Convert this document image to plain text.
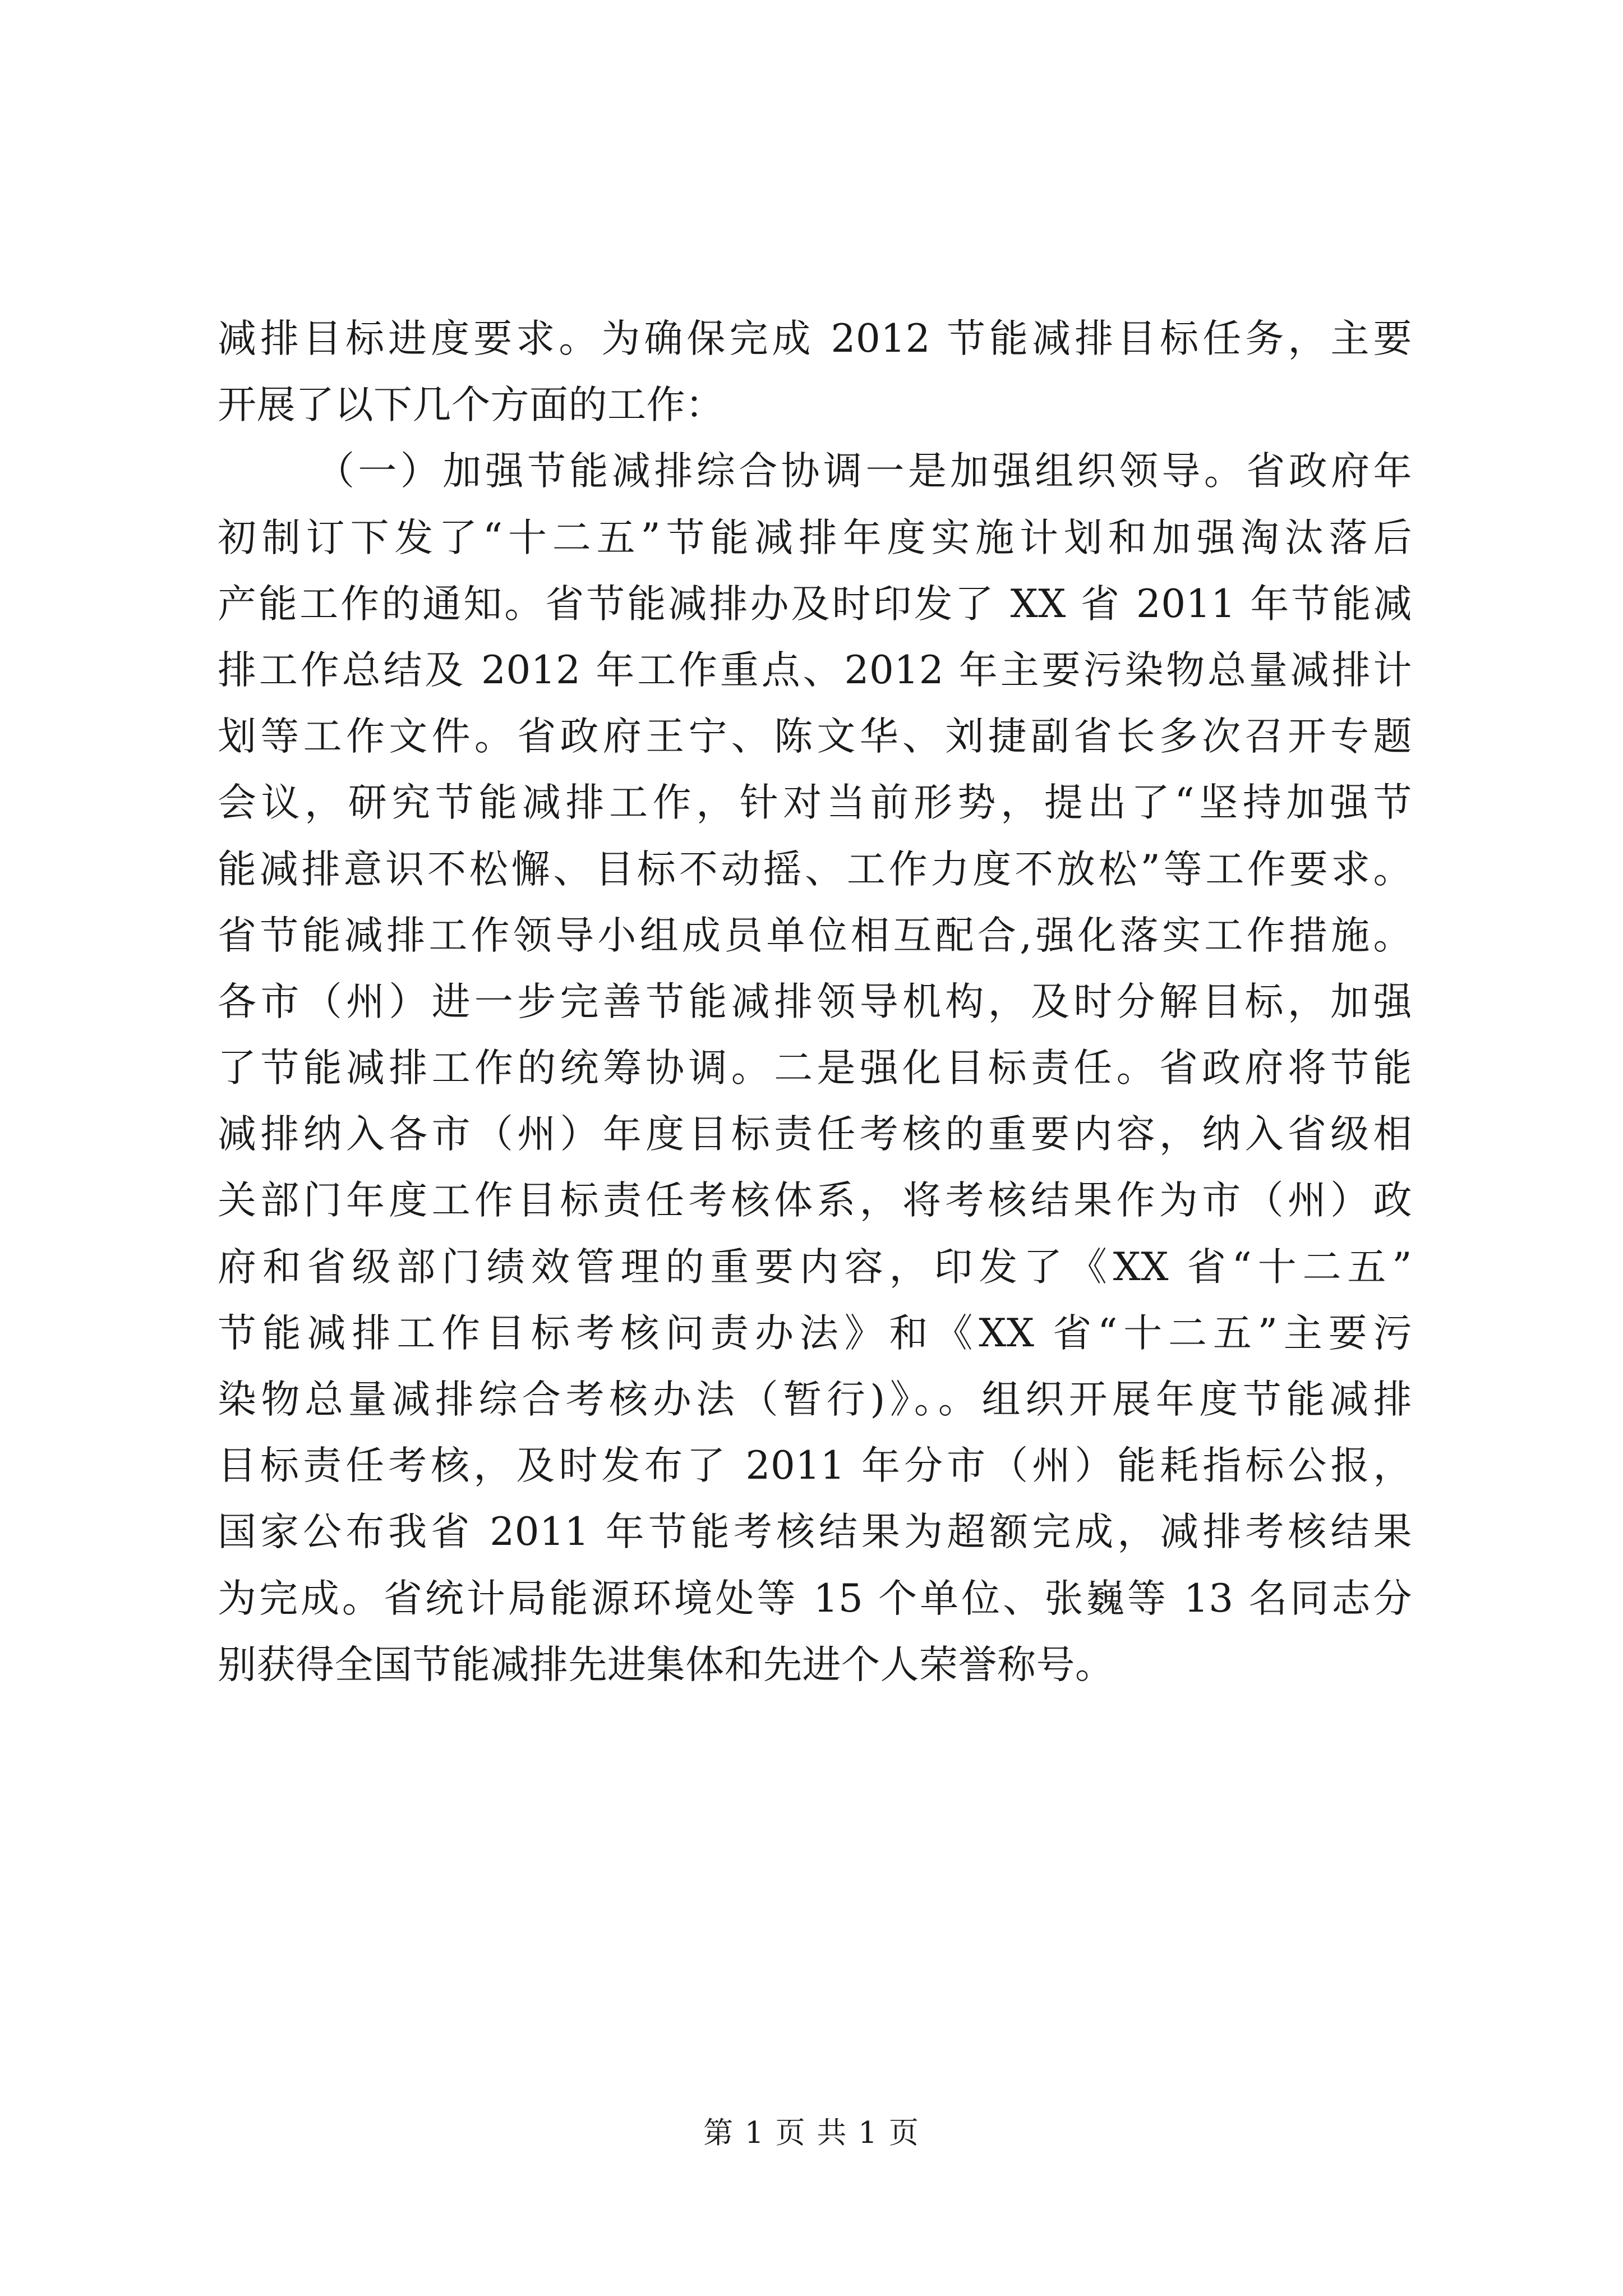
减排目标进度要求。为确保完成 2012 节能减排目标任务，主要
开展了以下几个方面的工作：
（一）加强节能减排综合协调一是加强组织领导。省政府年
初制订下发了“十二五”节能减排年度实施计划和加强淘汰落后
产能工作的通知。省节能减排办及时印发了 XX 省 2011 年节能减
排工作总结及 2012 年工作重点、2012 年主要污染物总量减排计
划等工作文件。省政府王宁、陈文华、刘捷副省长多次召开专题
会议，研究节能减排工作，针对当前形势，提出了“坚持加强节
能减排意识不松懈、目标不动摇、工作力度不放松”等工作要求。
省节能减排工作领导小组成员单位相互配合,强化落实工作措施。
各市（州）进一步完善节能减排领导机构，及时分解目标，加强
了节能减排工作的统筹协调。二是强化目标责任。省政府将节能
减排纳入各市（州）年度目标责任考核的重要内容，纳入省级相
关部门年度工作目标责任考核体系，将考核结果作为市（州）政
府和省级部门绩效管理的重要内容，印发了《XX 省“十二五”
节能减排工作目标考核问责办法》和《XX 省“十二五”主要污
染物总量减排综合考核办法（暂行)》。。组织开展年度节能减排
目标责任考核，及时发布了 2011 年分市（州）能耗指标公报，
国家公布我省 2011 年节能考核结果为超额完成，减排考核结果
为完成。省统计局能源环境处等 15 个单位、张巍等 13 名同志分
别获得全国节能减排先进集体和先进个人荣誉称号。
第 1 页 共 1 页
